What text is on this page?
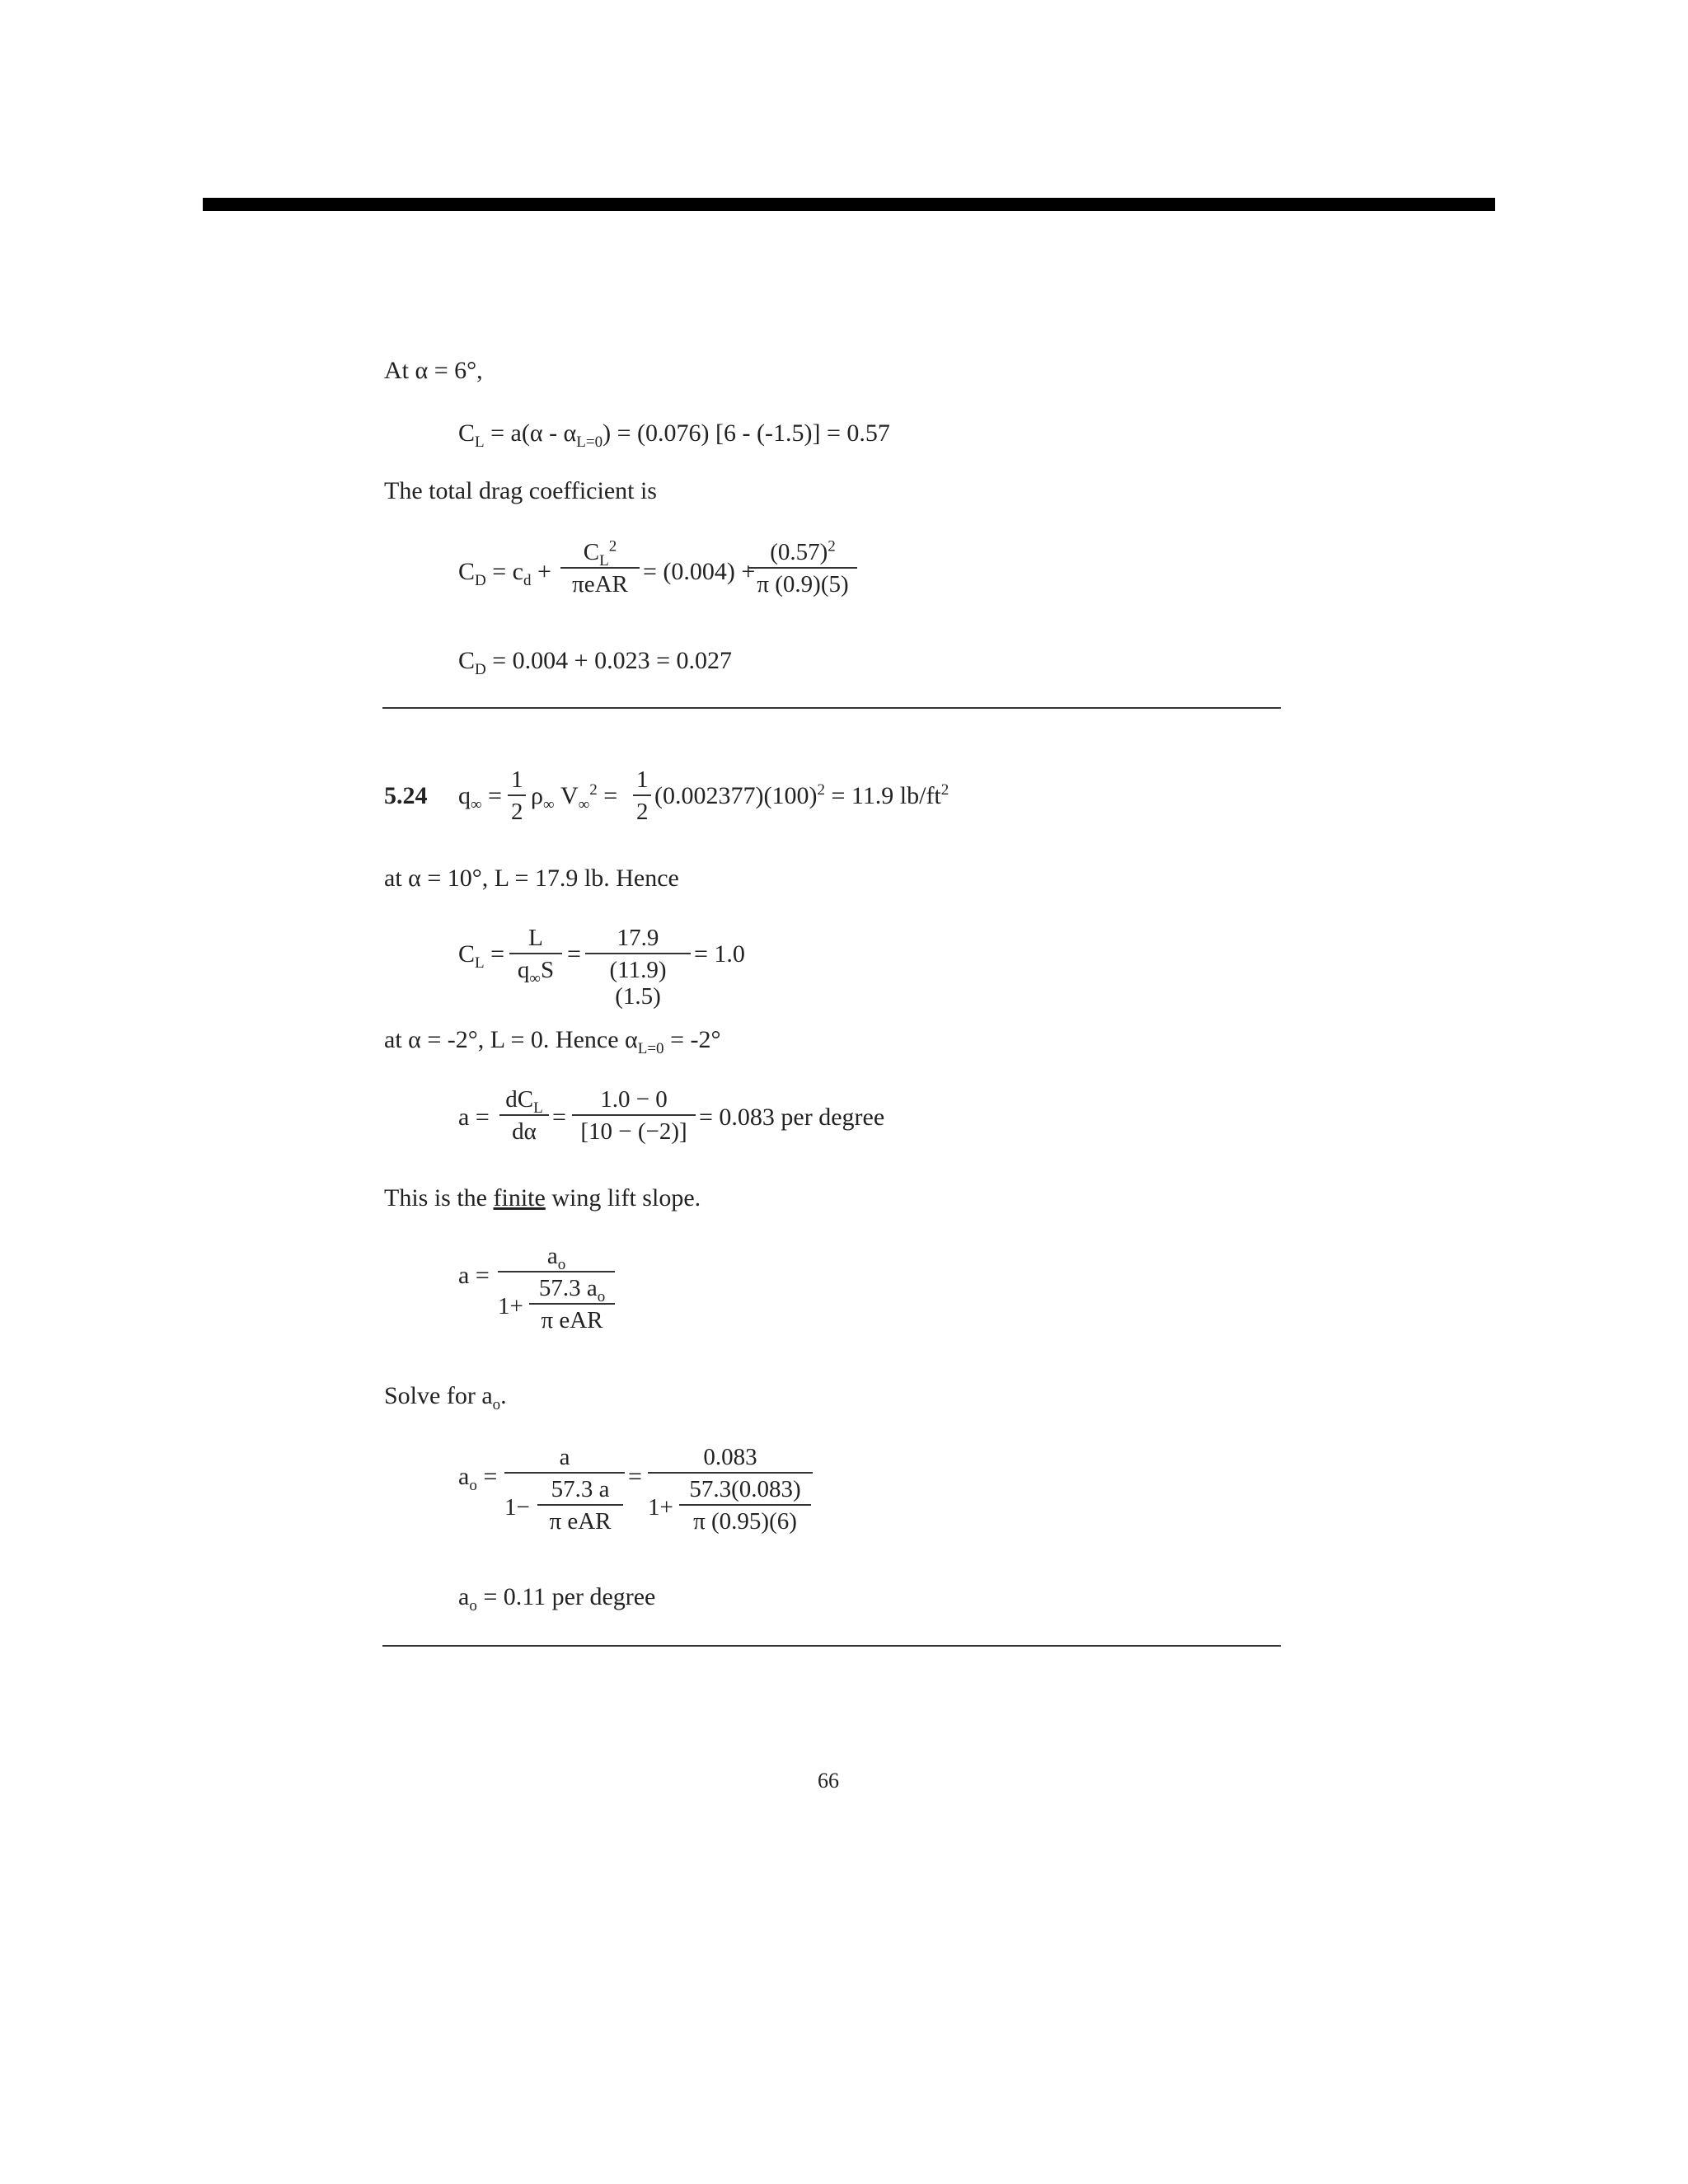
At α = 6°,
$C_L = a(\alpha - \alpha_{L=0}) = (0.076)$ [6 - (-1.5)] = 0.57
The total drag coefficient is
$C_D = c_d$ +
$C_L^2$
πeAR = (0.004) +
$(0.57)^2$
π (0.9)(5)
$C_D = 0.004 + 0.023 = 0.027$
5.24 $q_\infty$ =
1
2
$\rho_\infty$ $V_\infty^2$ =
1
2
$(0.002377)(100)^2 = 11.9$ $lb/ft^2$
at α = 10°, L = 17.9 lb. Hence
$C_L$ =
L
$q_\infty S$
=
17.9
(11.9)(1.5)
= 1.0
at α = -2°, L = 0. Hence $\alpha_{L=0} = -2^\circ$
a =
$dC_L$
dα
=
1.0 − 0
[10 − (−2)]
= 0.083 per degree
This is the finite wing lift slope.
a =
$a_o$
1+
57.3 $a_o$
π eAR
Solve for $a_o$.
$a_o$ =
a
1−
57.3 a
π eAR
=
0.083
1+
57.3(0.083)
π (0.95)(6)
$a_o = 0.11$ per degree
66
